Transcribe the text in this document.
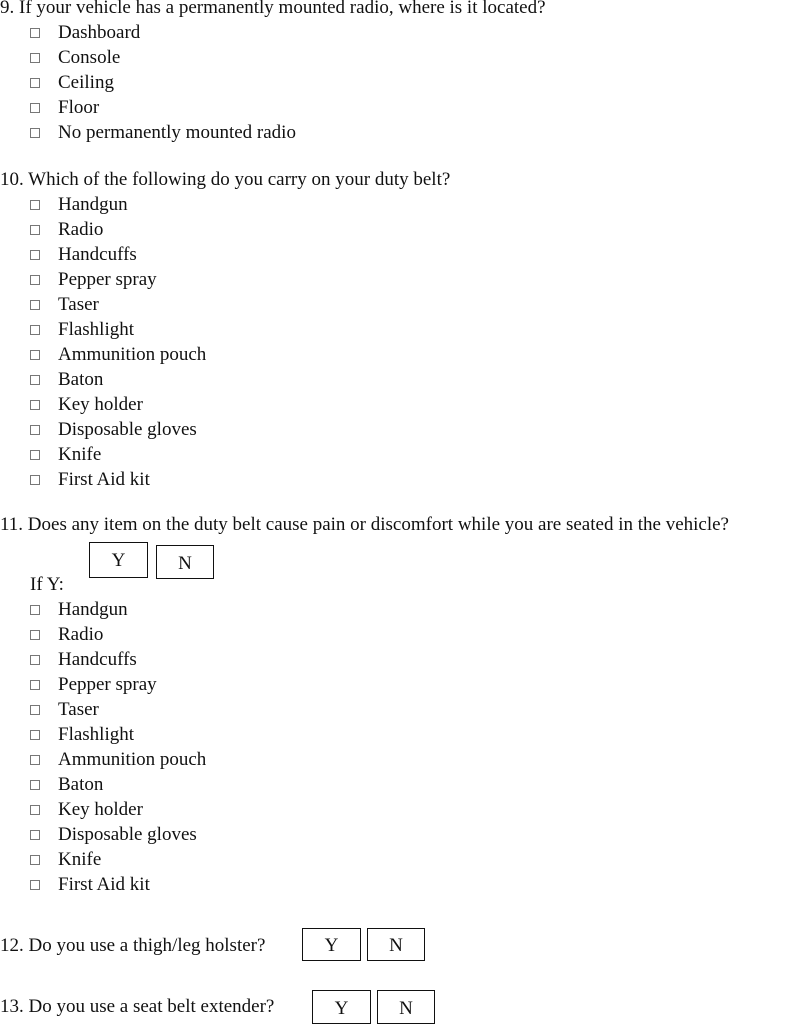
9. If your vehicle has a permanently mounted radio, where is it located?
Dashboard
Console
Ceiling
Floor
No permanently mounted radio
10. Which of the following do you carry on your duty belt?
Handgun
Radio
Handcuffs
Pepper spray
Taser
Flashlight
Ammunition pouch
Baton
Key holder
Disposable gloves
Knife
First Aid kit
11. Does any item on the duty belt cause pain or discomfort while you are seated in the vehicle?
Y	N
If Y:
Handgun
Radio
Handcuffs
Pepper spray
Taser
Flashlight
Ammunition pouch
Baton
Key holder
Disposable gloves
Knife
First Aid kit
12. Do you use a thigh/leg holster?	Y	N
13. Do you use a seat belt extender?	Y	N
